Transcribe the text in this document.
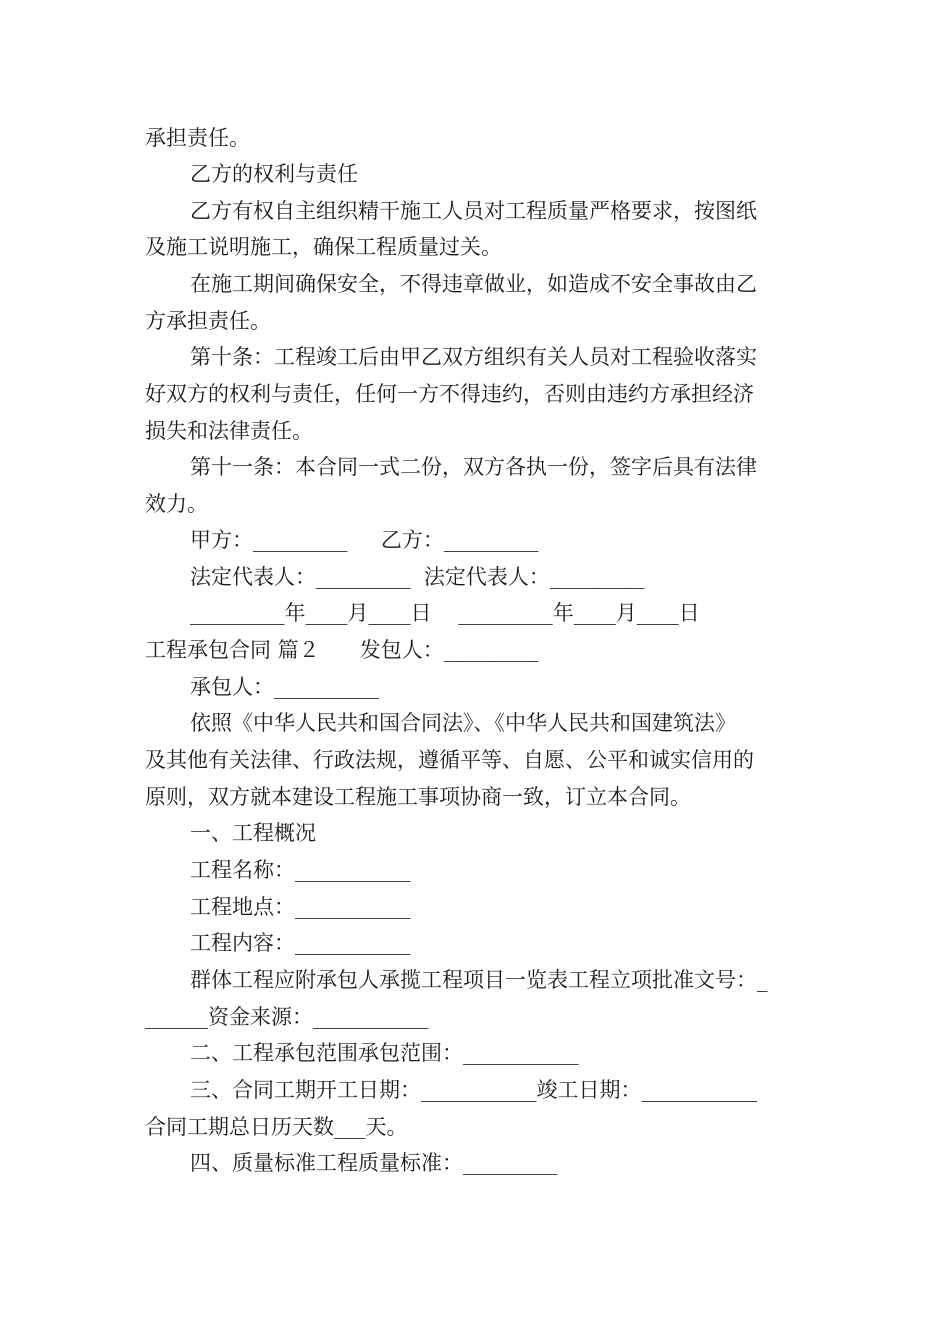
承担责任。
乙方的权利与责任
乙方有权自主组织精干施工人员对工程质量严格要求，按图纸
及施工说明施工，确保工程质量过关。
在施工期间确保安全，不得违章做业，如造成不安全事故由乙
方承担责任。
第十条：工程竣工后由甲乙双方组织有关人员对工程验收落实
好双方的权利与责任，任何一方不得违约，否则由违约方承担经济
损失和法律责任。
第十一条：本合同一式二份，双方各执一份，签字后具有法律
效力。
甲方：_________     乙方：_________
法定代表人：_________  法定代表人：_________
_________年____月____日    _________年____月____日
工程承包合同 篇２      发包人：_________
承包人：__________
依照《中华人民共和国合同法》、《中华人民共和国建筑法》
及其他有关法律、行政法规，遵循平等、自愿、公平和诚实信用的
原则，双方就本建设工程施工事项协商一致，订立本合同。
一、工程概况
工程名称：___________
工程地点：___________
工程内容：___________
群体工程应附承包人承揽工程项目一览表工程立项批准文号：_
______资金来源：___________
二、工程承包范围承包范围：___________
三、合同工期开工日期：___________竣工日期：___________
合同工期总日历天数___天。
四、质量标准工程质量标准：_________
